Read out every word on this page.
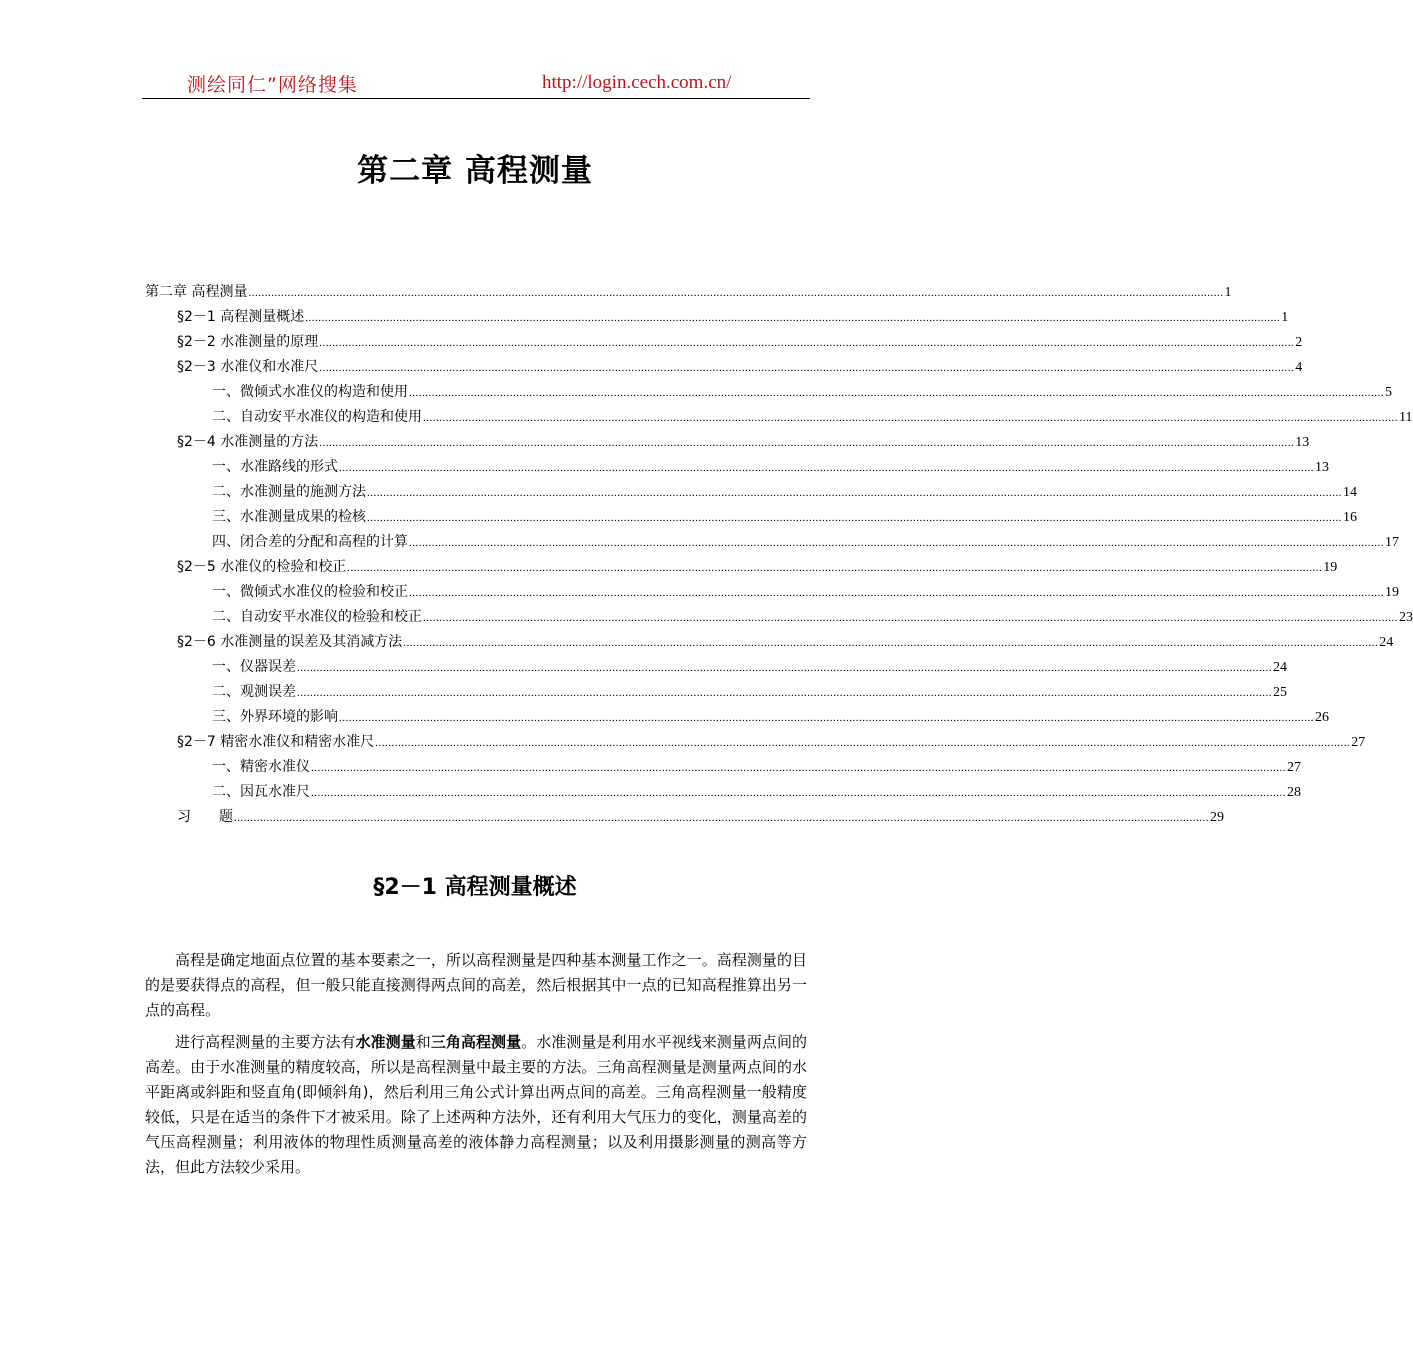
测绘同仁”网络搜集	http://login.cech.com.cn/
第二章 高程测量
第二章 高程测量 ............................................................................................................................................................................................................................................................................................................ 1
§2－1 高程测量概述 ............................................................................................................................................................................................................................................................................................................ 1
§2－2 水准测量的原理 ............................................................................................................................................................................................................................................................................................................ 2
§2－3 水准仪和水准尺 ............................................................................................................................................................................................................................................................................................................ 4
一、微倾式水准仪的构造和使用 ............................................................................................................................................................................................................................................................................................................ 5
二、自动安平水准仪的构造和使用 ............................................................................................................................................................................................................................................................................................................ 11
§2－4 水准测量的方法 ............................................................................................................................................................................................................................................................................................................ 13
一、水准路线的形式 ............................................................................................................................................................................................................................................................................................................ 13
二、水准测量的施测方法 ............................................................................................................................................................................................................................................................................................................ 14
三、水准测量成果的检核 ............................................................................................................................................................................................................................................................................................................ 16
四、闭合差的分配和高程的计算 ............................................................................................................................................................................................................................................................................................................ 17
§2－5 水准仪的检验和校正 ............................................................................................................................................................................................................................................................................................................ 19
一、微倾式水准仪的检验和校正 ............................................................................................................................................................................................................................................................................................................ 19
二、自动安平水准仪的检验和校正 ............................................................................................................................................................................................................................................................................................................ 23
§2－6 水准测量的误差及其消减方法 ............................................................................................................................................................................................................................................................................................................ 24
一、仪器误差 ............................................................................................................................................................................................................................................................................................................ 24
二、观测误差 ............................................................................................................................................................................................................................................................................................................ 25
三、外界环境的影响 ............................................................................................................................................................................................................................................................................................................ 26
§2－7 精密水准仪和精密水准尺 ............................................................................................................................................................................................................................................................................................................ 27
一、精密水准仪 ............................................................................................................................................................................................................................................................................................................ 27
二、因瓦水准尺 ............................................................................................................................................................................................................................................................................................................ 28
习　　题 ............................................................................................................................................................................................................................................................................................................ 29
§2－1 高程测量概述

高程是确定地面点位置的基本要素之一，所以高程测量是四种基本测量工作之一。高程测量的目的是要获得点的高程，但一般只能直接测得两点间的高差，然后根据其中一点的已知高程推算出另一点的高程。

进行高程测量的主要方法有水准测量和三角高程测量。水准测量是利用水平视线来测量两点间的高差。由于水准测量的精度较高，所以是高程测量中最主要的方法。三角高程测量是测量两点间的水平距离或斜距和竖直角(即倾斜角)，然后利用三角公式计算出两点间的高差。三角高程测量一般精度较低，只是在适当的条件下才被采用。除了上述两种方法外，还有利用大气压力的变化，测量高差的气压高程测量；利用液体的物理性质测量高差的液体静力高程测量；以及利用摄影测量的测高等方法，但此方法较少采用。
